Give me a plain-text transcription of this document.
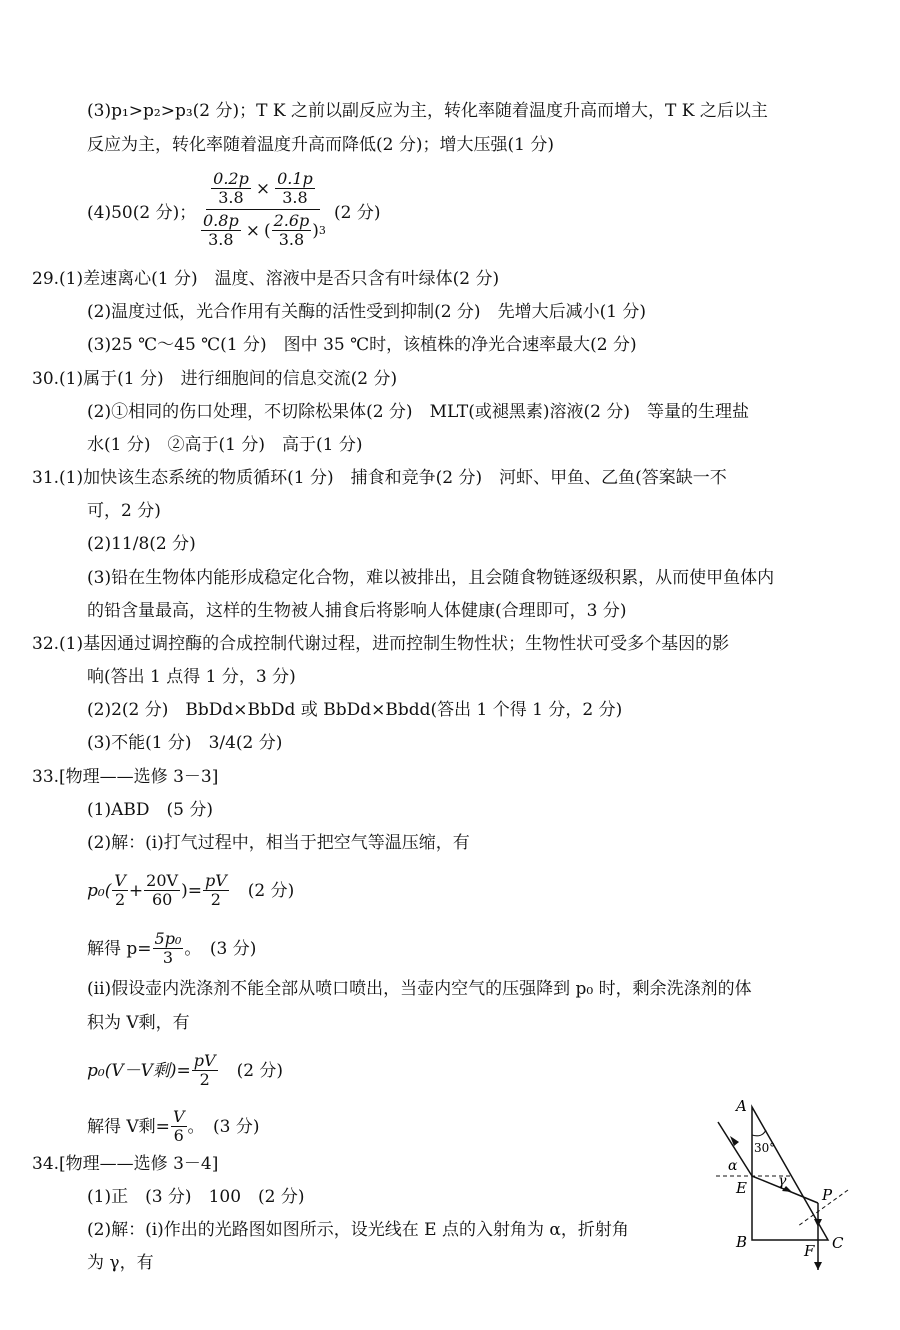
(3)p₁>p₂>p₃(2 分)；T K 之前以副反应为主，转化率随着温度升高而增大，T K 之后以主
反应为主，转化率随着温度升高而降低(2 分)；增大压强(1 分)
(4)50(2 分)； $\frac{\frac{0.2p}{3.8} \times \frac{0.1p}{3.8}}{\frac{0.8p}{3.8} \times ( \frac{2.6p}{3.8} ) 3} (2$ 分)
29.(1)差速离心(1 分)　温度、溶液中是否只含有叶绿体(2 分)
(2)温度过低，光合作用有关酶的活性受到抑制(2 分)　先增大后减小(1 分)
(3)25 ℃～45 ℃(1 分)　图中 35 ℃时，该植株的净光合速率最大(2 分)
30.(1)属于(1 分)　进行细胞间的信息交流(2 分)
(2)①相同的伤口处理，不切除松果体(2 分)　MLT(或褪黑素)溶液(2 分)　等量的生理盐
水(1 分)　②高于(1 分)　高于(1 分)
31.(1)加快该生态系统的物质循环(1 分)　捕食和竞争(2 分)　河虾、甲鱼、乙鱼(答案缺一不
可，2 分)
(2)11/8(2 分)
(3)铅在生物体内能形成稳定化合物，难以被排出，且会随食物链逐级积累，从而使甲鱼体内
的铅含量最高，这样的生物被人捕食后将影响人体健康(合理即可，3 分)
32.(1)基因通过调控酶的合成控制代谢过程，进而控制生物性状；生物性状可受多个基因的影
响(答出 1 点得 1 分，3 分)
(2)2(2 分)　BbDd×BbDd 或 BbDd×Bbdd(答出 1 个得 1 分，2 分)
(3)不能(1 分)　3/4(2 分)
33.[物理——选修 3－3]
(1)ABD　(5 分)
(2)解：(ⅰ)打气过程中，相当于把空气等温压缩，有
p₀( V
$2 + \frac{20V}{60}$ )= $\frac{pV}{2} (2$ 分)
解得 $p= \frac{\text{5p₀}}{3}$ 。　(3 分)
(ⅱ)假设壶内洗涤剂不能全部从喷口喷出，当壶内空气的压强降到 p₀ 时，剩余洗涤剂的体
积为 V剩，有
p₀(V－V剩)= $\frac{pV}{2} (2$ 分)
解得 V剩= $\frac{V}{6}$ 。　(3 分)
34.[物理——选修 3－4]
(1)正　(3 分)　100　(2 分)
(2)解：(ⅰ)作出的光路图如图所示，设光线在 E 点的入射角为 α，折射角
为 γ，有
A
30°
α
E γ
P
B	F C
